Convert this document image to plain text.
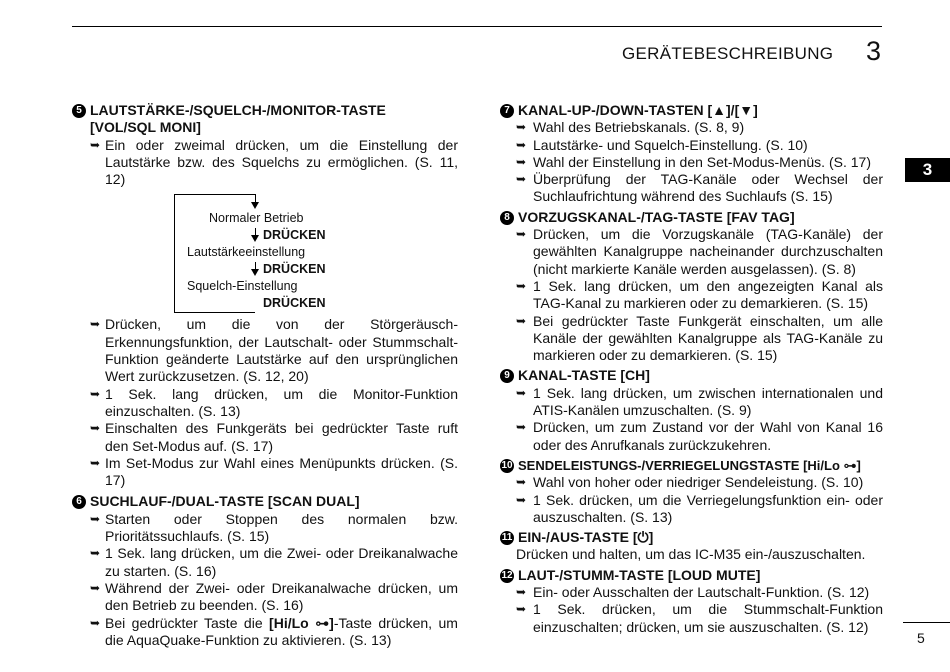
GERÄTEBESCHREIBUNG 3
3
5
5 LAUTSTÄRKE-/SQUELCH-/MONITOR-TASTE
[VOL/SQL MONI]
➥ Ein oder zweimal drücken, um die Einstellung der Lautstärke bzw. des Squelchs zu ermöglichen. (S. 11, 12)
Normaler Betrieb
DRÜCKEN
Lautstärkeeinstellung
DRÜCKEN
Squelch-Einstellung
DRÜCKEN
➥ Drücken, um die von der Störgeräusch-Erkennungsfunktion, der Lautschalt- oder Stummschalt-Funktion geänderte Lautstärke auf den ursprünglichen Wert zurückzusetzen. (S. 12, 20)
➥ 1 Sek. lang drücken, um die Monitor-Funktion einzuschalten. (S. 13)
➥ Einschalten des Funkgeräts bei gedrückter Taste ruft den Set-Modus auf. (S. 17)
➥ Im Set-Modus zur Wahl eines Menüpunkts drücken. (S. 17)
6 SUCHLAUF-/DUAL-TASTE [SCAN DUAL]
➥ Starten oder Stoppen des normalen bzw. Prioritätssuchlaufs. (S. 15)
➥ 1 Sek. lang drücken, um die Zwei- oder Dreikanalwache zu starten. (S. 16)
➥ Während der Zwei- oder Dreikanalwache drücken, um den Betrieb zu beenden. (S. 16)
➥ Bei gedrückter Taste die [Hi/Lo ⊶]-Taste drücken, um die AquaQuake-Funktion zu aktivieren. (S. 13)
7 KANAL-UP-/DOWN-TASTEN [▲]/[▼]
➥ Wahl des Betriebskanals. (S. 8, 9)
➥ Lautstärke- und Squelch-Einstellung. (S. 10)
➥ Wahl der Einstellung in den Set-Modus-Menüs. (S. 17)
➥ Überprüfung der TAG-Kanäle oder Wechsel der Suchlaufrichtung während des Suchlaufs (S. 15)
8 VORZUGSKANAL-/TAG-TASTE [FAV TAG]
➥ Drücken, um die Vorzugskanäle (TAG-Kanäle) der gewählten Kanalgruppe nacheinander durchzuschalten (nicht markierte Kanäle werden ausgelassen). (S. 8)
➥ 1 Sek. lang drücken, um den angezeigten Kanal als TAG-Kanal zu markieren oder zu demarkieren. (S. 15)
➥ Bei gedrückter Taste Funkgerät einschalten, um alle Kanäle der gewählten Kanalgruppe als TAG-Kanäle zu markieren oder zu demarkieren. (S. 15)
9 KANAL-TASTE [CH]
➥ 1 Sek. lang drücken, um zwischen internationalen und ATIS-Kanälen umzuschalten. (S. 9)
➥ Drücken, um zum Zustand vor der Wahl von Kanal 16 oder des Anrufkanals zurückzukehren.
10 SENDELEISTUNGS-/VERRIEGELUNGSTASTE [Hi/Lo ⊶]
➥ Wahl von hoher oder niedriger Sendeleistung. (S. 10)
➥ 1 Sek. drücken, um die Verriegelungsfunktion ein- oder auszuschalten. (S. 13)
11 EIN-/AUS-TASTE [⏻]
Drücken und halten, um das IC-M35 ein-/auszuschalten.
12 LAUT-/STUMM-TASTE [LOUD MUTE]
➥ Ein- oder Ausschalten der Lautschalt-Funktion. (S. 12)
➥ 1 Sek. drücken, um die Stummschalt-Funktion einzuschalten; drücken, um sie auszuschalten. (S. 12)
